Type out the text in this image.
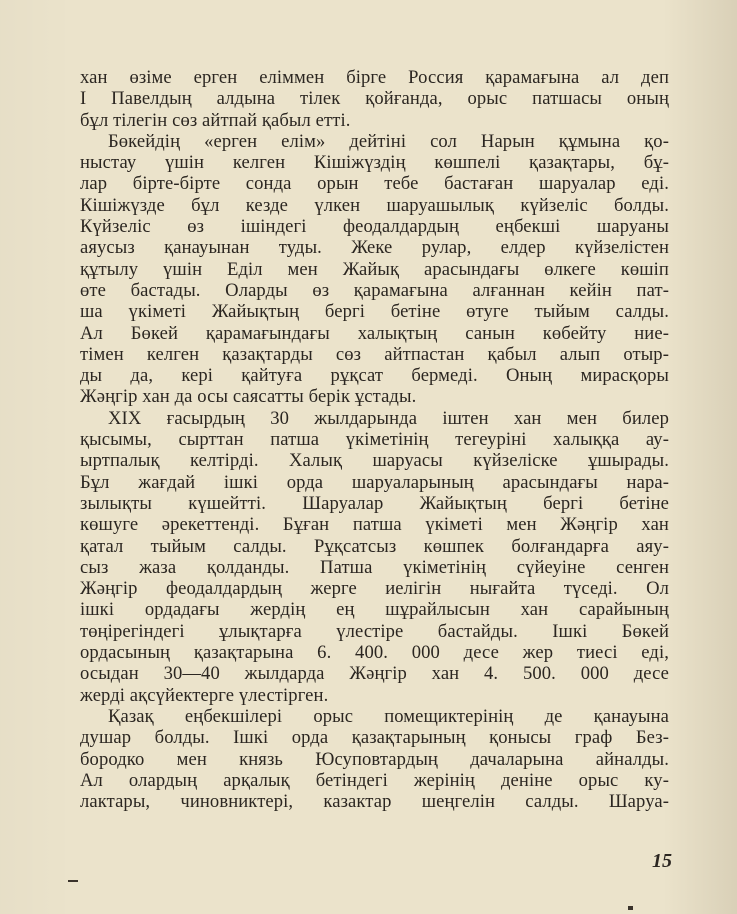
хан өзіме ерген еліммен бірге Россия қарамағына ал деп
I Павелдың алдына тілек қойғанда, орыс патшасы оның
бұл тілегін сөз айтпай қабыл етті.
Бөкейдің «ерген елім» дейтіні сол Нарын құмына қо-
ныстау үшін келген Кішіжүздің көшпелі қазақтары, бұ-
лар бірте-бірте сонда орын тебе бастаған шаруалар еді.
Кішіжүзде бұл кезде үлкен шаруашылық күйзеліс болды.
Күйзеліс өз ішіндегі феодалдардың еңбекші шаруаны
аяусыз қанауынан туды. Жеке рулар, елдер күйзелістен
құтылу үшін Еділ мен Жайық арасындағы өлкеге көшіп
өте бастады. Оларды өз қарамағына алғаннан кейін пат-
ша үкіметі Жайықтың бергі бетіне өтуге тыйым салды.
Ал Бөкей қарамағындағы халықтың санын көбейту ние-
тімен келген қазақтарды сөз айтпастан қабыл алып отыр-
ды да, кері қайтуға рұқсат бермеді. Оның мирасқоры
Жәңгір хан да осы саясатты берік ұстады.
XIX ғасырдың 30 жылдарында іштен хан мен билер
қысымы, сырттан патша үкіметінің тегеуріні халыққа ау-
ыртпалық келтірді. Халық шаруасы күйзеліске ұшырады.
Бұл жағдай ішкі орда шаруаларының арасындағы нара-
зылықты күшейтті. Шаруалар Жайықтың бергі бетіне
көшуге әрекеттенді. Бұған патша үкіметі мен Жәңгір хан
қатал тыйым салды. Рұқсатсыз көшпек болғандарға аяу-
сыз жаза қолданды. Патша үкіметінің сүйеуіне сенген
Жәңгір феодалдардың жерге иелігін нығайта түседі. Ол
ішкі ордадағы жердің ең шұрайлысын хан сарайының
төңірегіндегі ұлықтарға үлестіре бастайды. Ішкі Бөкей
ордасының қазақтарына 6. 400. 000 десе жер тиесі еді,
осыдан 30—40 жылдарда Жәңгір хан 4. 500. 000 десе
жерді ақсүйектерге үлестірген.
Қазақ еңбекшілері орыс помещиктерінің де қанауына
душар болды. Ішкі орда қазақтарының қонысы граф Без-
бородко мен князь Юсуповтардың дачаларына айналды.
Ал олардың арқалық бетіндегі жерінің деніне орыс ку-
лактары, чиновниктері, казактар шеңгелін салды. Шаруа-
15
